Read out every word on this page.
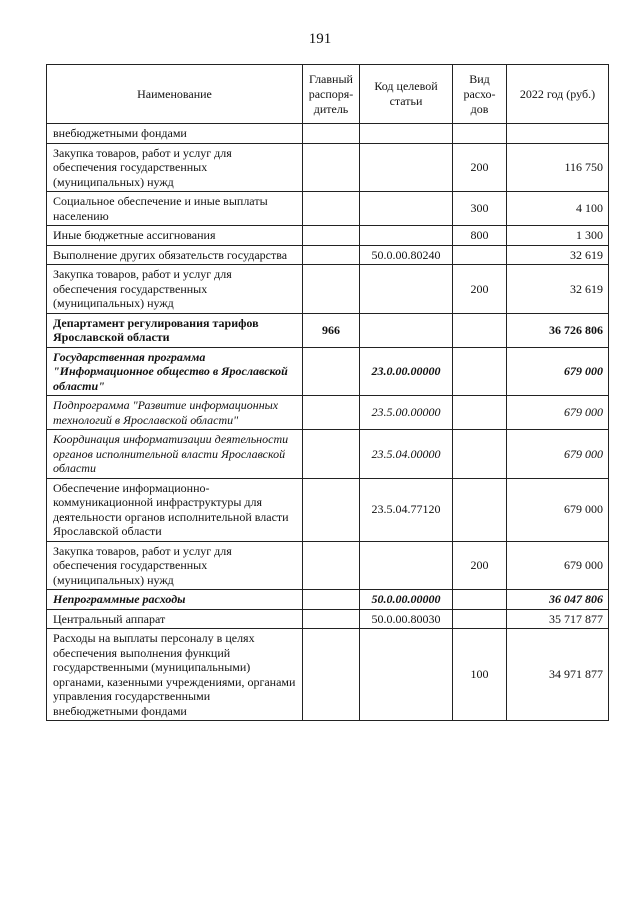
191
Наименование	Главный распоря-дитель	Код целевой статьи	Вид расхо-дов	2022 год (руб.)
внебюджетными фондами				
Закупка товаров, работ и услуг для обеспечения государственных (муниципальных) нужд			200	116 750
Социальное обеспечение и иные выплаты населению			300	4 100
Иные бюджетные ассигнования			800	1 300
Выполнение других обязательств государства		50.0.00.80240		32 619
Закупка товаров, работ и услуг для обеспечения государственных (муниципальных) нужд			200	32 619
Департамент регулирования тарифов Ярославской области	966			36 726 806
Государственная программа "Информационное общество в Ярославской области"		23.0.00.00000		679 000
Подпрограмма "Развитие информационных технологий в Ярославской области"		23.5.00.00000		679 000
Координация информатизации деятельности органов исполнительной власти Ярославской области		23.5.04.00000		679 000
Обеспечение информационно-коммуникационной инфраструктуры для деятельности органов исполнительной власти Ярославской области		23.5.04.77120		679 000
Закупка товаров, работ и услуг для обеспечения государственных (муниципальных) нужд			200	679 000
Непрограммные расходы		50.0.00.00000		36 047 806
Центральный аппарат		50.0.00.80030		35 717 877
Расходы на выплаты персоналу в целях обеспечения выполнения функций государственными (муниципальными) органами, казенными учреждениями, органами управления государственными внебюджетными фондами			100	34 971 877
